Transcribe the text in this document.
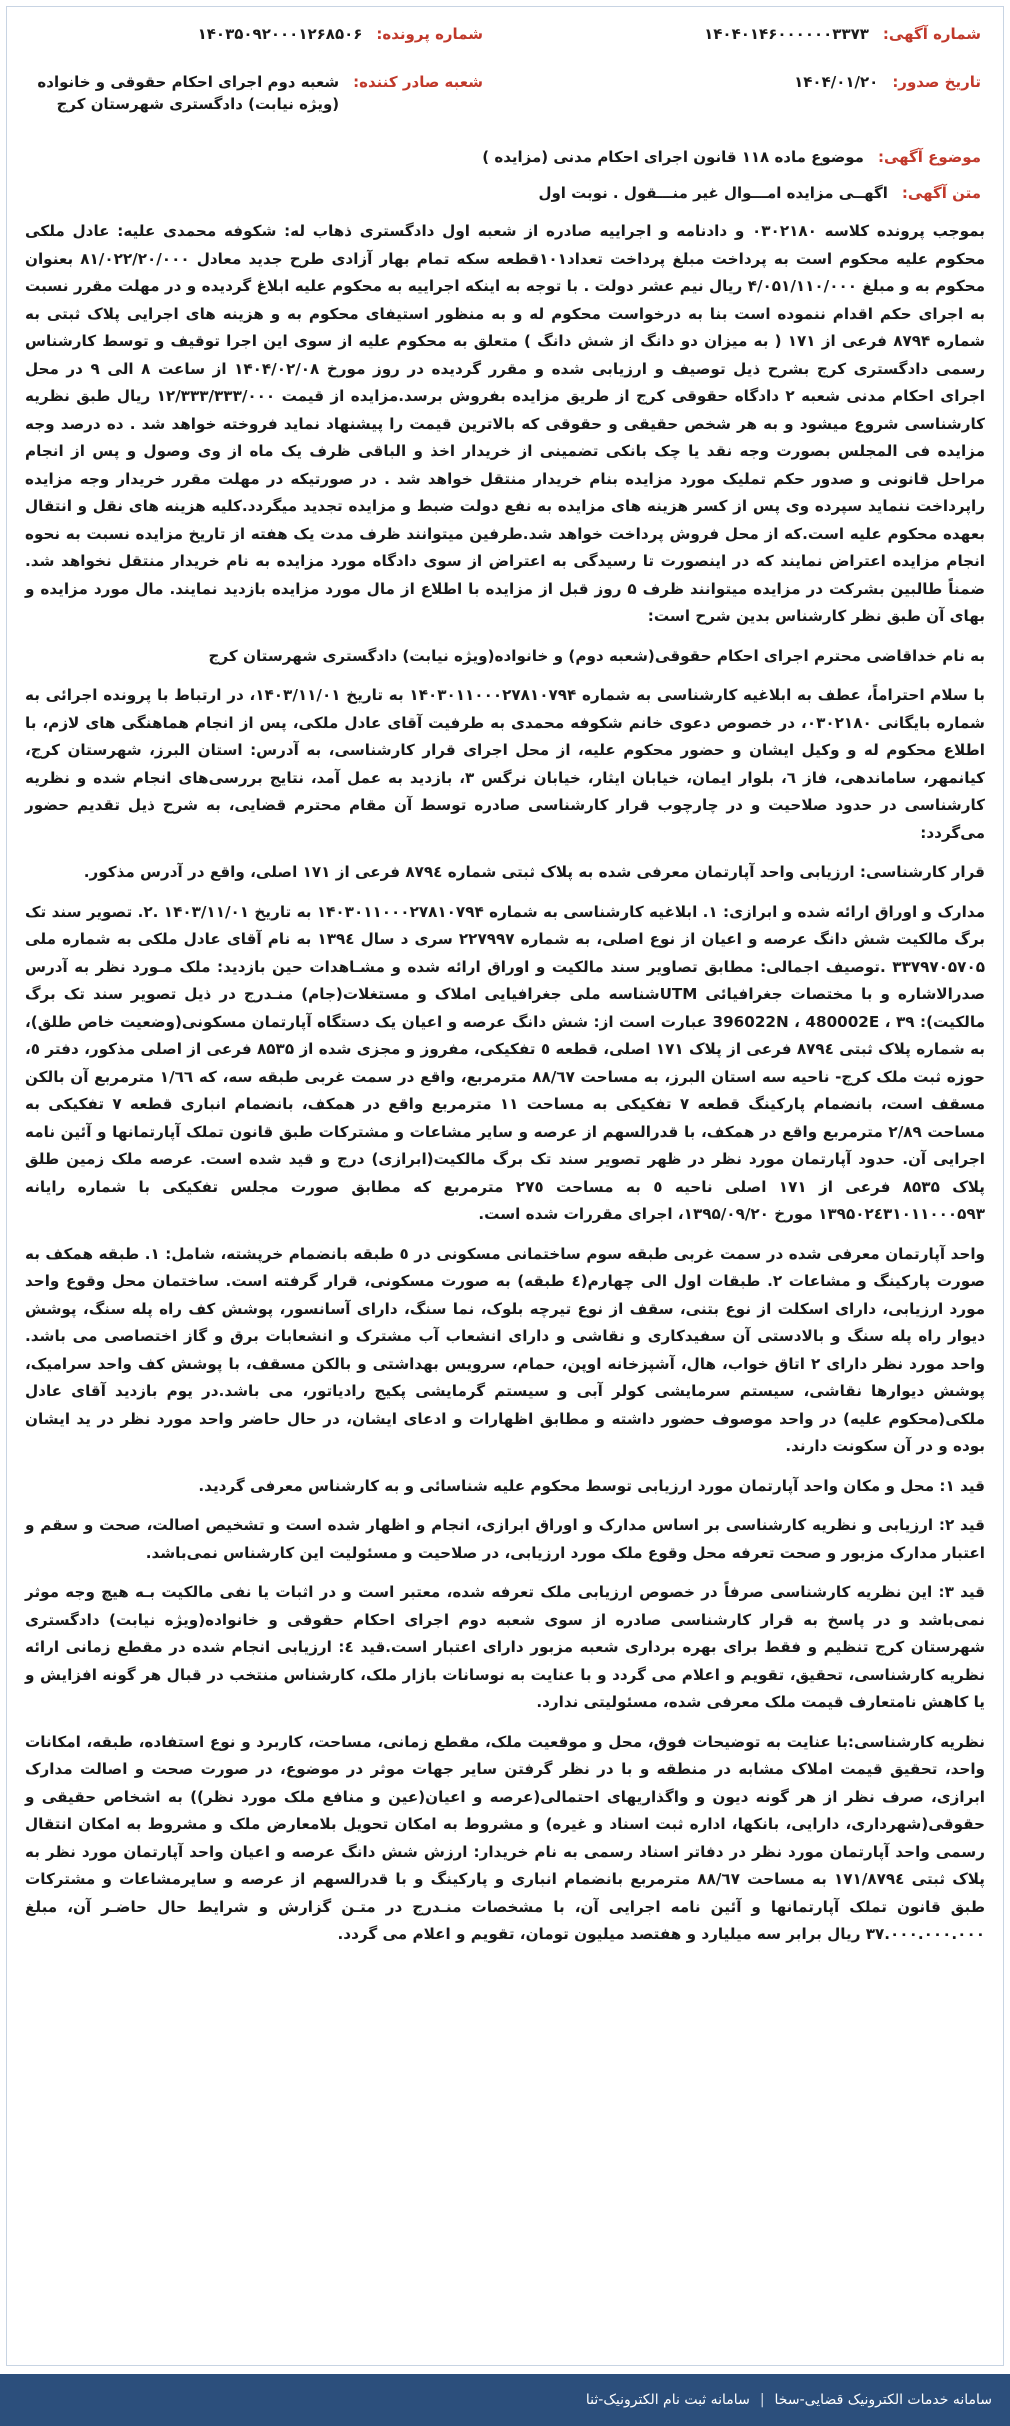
شماره آگهی:
۱۴۰۴۰۱۴۶۰۰۰۰۰۰۳۳۷۳
تاریخ صدور:
۱۴۰۴/۰۱/۲۰
شماره پرونده:
۱۴۰۳۵۰۹۲۰۰۰۱۲۶۸۵۰۶
شعبه صادر کننده:
شعبه دوم اجرای احکام حقوقی و خانواده (ویژه نیابت) دادگستری شهرستان کرج
موضوع آگهی:
موضوع ماده ۱۱۸ قانون اجرای احکام مدنی (مزایده )
متن آگهی:
اگهــی مزایده امـــوال غیر منـــقول . نوبت اول

بموجب پرونده کلاسه ۰۳۰۲۱۸۰ و دادنامه و اجراییه صادره از شعبه اول دادگستری ذهاب له: شکوفه محمدی علیه: عادل ملکی محکوم علیه محکوم است به پرداخت مبلغ پرداخت تعداد۱۰۱قطعه سکه تمام بهار آزادی طرح جدید معادل ۸۱/۰۲۲/۲۰/۰۰۰ بعنوان محکوم به و مبلغ ۴/۰۵۱/۱۱۰/۰۰۰ ریال نیم عشر دولت . با توجه به اینکه اجراییه به محکوم علیه ابلاغ گردیده و در مهلت مقرر نسبت به اجرای حکم اقدام ننموده است بنا به درخواست محکوم له و به منظور استیفای محکوم به و هزینه های اجرایی پلاک ثبتی به شماره ۸۷۹۴ فرعی از ۱۷۱ ( به میزان دو دانگ از شش دانگ ) متعلق به محکوم علیه از سوی این اجرا توقیف و توسط کارشناس رسمی دادگستری کرج بشرح ذیل توصیف و ارزیابی شده و مقرر گردیده در روز مورخ ۱۴۰۴/۰۲/۰۸ از ساعت ۸ الی ۹ در محل اجرای احکام مدنی شعبه ۲ دادگاه حقوقی کرج از طریق مزایده بفروش برسد.مزایده از قیمت ۱۲/۳۳۳/۳۳۳/۰۰۰ ریال طبق نظریه کارشناسی شروع میشود و به هر شخص حقیقی و حقوقی که بالاترین قیمت را پیشنهاد نماید فروخته خواهد شد . ده درصد وجه مزایده فی المجلس بصورت وجه نقد یا چک بانکی تضمینی از خریدار اخذ و الباقی ظرف یک ماه از وی وصول و پس از انجام مراحل قانونی و صدور حکم تملیک مورد مزایده بنام خریدار منتقل خواهد شد . در صورتیکه در مهلت مقرر خریدار وجه مزایده راپرداخت ننماید سپرده وی پس از کسر هزینه های مزایده به نفع دولت ضبط و مزایده تجدید میگردد.کلیه هزینه های نقل و انتقال بعهده محکوم علیه است.که از محل فروش پرداخت خواهد شد.طرفین میتوانند ظرف مدت یک هفته از تاریخ مزایده نسبت به نحوه انجام مزایده اعتراض نمایند که در اینصورت تا رسیدگی به اعتراض از سوی دادگاه مورد مزایده به نام خریدار منتقل نخواهد شد. ضمناً طالبین بشرکت در مزایده میتوانند ظرف ۵ روز قبل از مزایده با اطلاع از مال مورد مزایده بازدید نمایند. مال مورد مزایده و بهای آن طبق نظر کارشناس بدین شرح است:

به نام خداقاضی محترم اجرای احکام حقوقی(شعبه دوم) و خانواده(ویژه نیابت) دادگستری شهرستان کرج

با سلام احتراماً، عطف به ابلاغیه کارشناسی به شماره ۱۴۰۳۰۱۱۰۰۰۲۷۸۱۰۷۹۴ به تاریخ ۱۴۰۳/۱۱/۰۱، در ارتباط با پرونده اجرائی به شماره بایگانی ۰۳۰۲۱۸۰، در خصوص دعوی خانم شکوفه محمدی به طرفیت آقای عادل ملکی، پس از انجام هماهنگی های لازم، با اطلاع محکوم له و وکیل ایشان و حضور محکوم علیه، از محل اجرای قرار کارشناسی، به آدرس: استان البرز، شهرستان کرج، کیانمهر، ساماندهی، فاز ٦، بلوار ایمان، خیابان ایثار، خیابان نرگس ٣، بازدید به عمل آمد، نتایج بررسی‌های انجام شده و نظریه کارشناسی در حدود صلاحیت و در چارچوب قرار کارشناسی صادره توسط آن مقام محترم قضایی، به شرح ذیل تقدیم حضور می‌گردد:

قرار کارشناسی: ارزیابی واحد آپارتمان معرفی شده به پلاک ثبتی شماره ۸۷۹٤ فرعی از ۱۷۱ اصلی، واقع در آدرس مذکور.

مدارک و اوراق ارائه شده و ابرازی: ۱. ابلاغیه کارشناسی به شماره ۱۴۰۳۰۱۱۰۰۰۲۷۸۱۰۷۹۴ به تاریخ ۱۴۰۳/۱۱/۰۱ .۲. تصویر سند تک برگ مالکیت شش دانگ عرصه و اعیان از نوع اصلی، به شماره ۲۲۷۹۹۷ سری د سال ۱۳۹٤ به نام آقای عادل ملکی به شماره ملی ۳۳۷۹۷۰۵۷۰۵ .توصیف اجمالی: مطابق تصاویر سند مالکیت و اوراق ارائه شده و مشـاهدات حین بازدید: ملک مـورد نظر به آدرس صدرالاشاره و با مختصات جغرافیائی UTMشناسه ملی جغرافیایی املاک و مستغلات(جام) منـدرج در ذیل تصویر سند تک برگ مالکیت): ۳۹ ، 396022N ، 480002E عبارت است از: شش دانگ عرصه و اعیان یک دستگاه آپارتمان مسکونی(وضعیت خاص طلق)، به شماره پلاک ثبتی ۸۷۹٤ فرعی از پلاک ۱۷۱ اصلی، قطعه ٥ تفکیکی، مفروز و مجزی شده از ۸۵۳۵ فرعی از اصلی مذکور، دفتر ٥، حوزه ثبت ملک کرج- ناحیه سه استان البرز، به مساحت ۸۸/٦۷ مترمربع، واقع در سمت غربی طبقه سه، که ۱/٦٦ مترمربع آن بالکن مسقف است، بانضمام پارکینگ قطعه ۷ تفکیکی به مساحت ۱۱ مترمربع واقع در همکف، بانضمام انباری قطعه ۷ تفکیکی به مساحت ۲/۸۹ مترمربع واقع در همکف، با قدرالسهم از عرصه و سایر مشاعات و مشترکات طبق قانون تملک آپارتمانها و آئین نامه اجرایی آن. حدود آپارتمان مورد نظر در ظهر تصویر سند تک برگ مالکیت(ابرازی) درج و قید شده است. عرصه ملک زمین طلق پلاک ۸۵۳۵ فرعی از ۱۷۱ اصلی ناحیه ٥ به مساحت ۲۷٥ مترمربع که مطابق صورت مجلس تفکیکی با شماره رایانه ۱۳۹۵۰۲٤۳۱۰۱۱۰۰۰۵۹۳ مورخ ۱۳۹۵/۰۹/۲۰، اجرای مقررات شده است.

واحد آپارتمان معرفی شده در سمت غربی طبقه سوم ساختمانی مسکونی در ٥ طبقه بانضمام خرپشته، شامل: ۱. طبقه همکف به صورت پارکینگ و مشاعات ۲. طبقات اول الی چهارم(٤ طبقه) به صورت مسکونی، قرار گرفته است. ساختمان محل وقوع واحد مورد ارزیابی، دارای اسکلت از نوع بتنی، سقف از نوع تیرچه بلوک، نما سنگ، دارای آسانسور، پوشش کف راه پله سنگ، پوشش دیوار راه پله سنگ و بالادستی آن سفیدکاری و نقاشی و دارای انشعاب آب مشترک و انشعابات برق و گاز اختصاصی می باشد. واحد مورد نظر دارای ۲ اتاق خواب، هال، آشپزخانه اوپن، حمام، سرویس بهداشتی و بالکن مسقف، با پوشش کف واحد سرامیک، پوشش دیوارها نقاشی، سیستم سرمایشی کولر آبی و سیستم گرمایشی پکیج رادیاتور، می باشد.در یوم بازدید آقای عادل ملکی(محکوم علیه) در واحد موصوف حضور داشته و مطابق اظهارات و ادعای ایشان، در حال حاضر واحد مورد نظر در ید ایشان بوده و در آن سکونت دارند.

قید ۱: محل و مکان واحد آپارتمان مورد ارزیابی توسط محکوم علیه شناسائی و به کارشناس معرفی گردید.

قید ۲: ارزیابی و نظریه کارشناسی بر اساس مدارک و اوراق ابرازی، انجام و اظهار شده است و تشخیص اصالت، صحت و سقم و اعتبار مدارک مزبور و صحت تعرفه محل وقوع ملک مورد ارزیابی، در صلاحیت و مسئولیت این کارشناس نمی‌باشد.

قید ۳: این نظریه کارشناسی صرفاً در خصوص ارزیابی ملک تعرفه شده، معتبر است و در اثبات یا نفی مالکیت بـه هیچ وجه موثر نمی‌باشد و در پاسخ به قرار کارشناسی صادره از سوی شعبه دوم اجرای احکام حقوقی و خانواده(ویژه نیابت) دادگستری شهرستان کرج تنظیم و فقط برای بهره برداری شعبه مزبور دارای اعتبار است.قید ٤: ارزیابی انجام شده در مقطع زمانی ارائه نظریه کارشناسی، تحقیق، تقویم و اعلام می گردد و با عنایت به نوسانات بازار ملک، کارشناس منتخب در قبال هر گونه افزایش و یا کاهش نامتعارف قیمت ملک معرفی شده، مسئولیتی ندارد.

نظریه کارشناسی:با عنایت به توضیحات فوق، محل و موقعیت ملک، مقطع زمانی، مساحت، کاربرد و نوع استفاده، طبقه، امکانات واحد، تحقیق قیمت املاک مشابه در منطقه و با در نظر گرفتن سایر جهات موثر در موضوع، در صورت صحت و اصالت مدارک ابرازی، صرف نظر از هر گونه دیون و واگذاریهای احتمالی(عرصه و اعیان(عین و منافع ملک مورد نظر)) به اشخاص حقیقی و حقوقی(شهرداری، دارایی، بانکها، اداره ثبت اسناد و غیره) و مشروط به امکان تحویل بلامعارض ملک و مشروط به امکان انتقال رسمی واحد آپارتمان مورد نظر در دفاتر اسناد رسمی به نام خریدار: ارزش شش دانگ عرصه و اعیان واحد آپارتمان مورد نظر به پلاک ثبتی ۱۷۱/۸۷۹٤ به مساحت ۸۸/٦۷ مترمربع بانضمام انباری و پارکینگ و با قدرالسهم از عرصه و سایرمشاعات و مشترکات طبق قانون تملک آپارتمانها و آئین نامه اجرایی آن، با مشخصات منـدرج در متـن گزارش و شرایط حال حاضـر آن، مبلغ ۳۷.۰۰۰.۰۰۰.۰۰۰ ریال برابر سه میلیارد و هفتصد میلیون تومان، تقویم و اعلام می گردد.

سامانه خدمات الکترونیک قضایی-سخا
|
سامانه ثبت نام الکترونیک-ثنا
